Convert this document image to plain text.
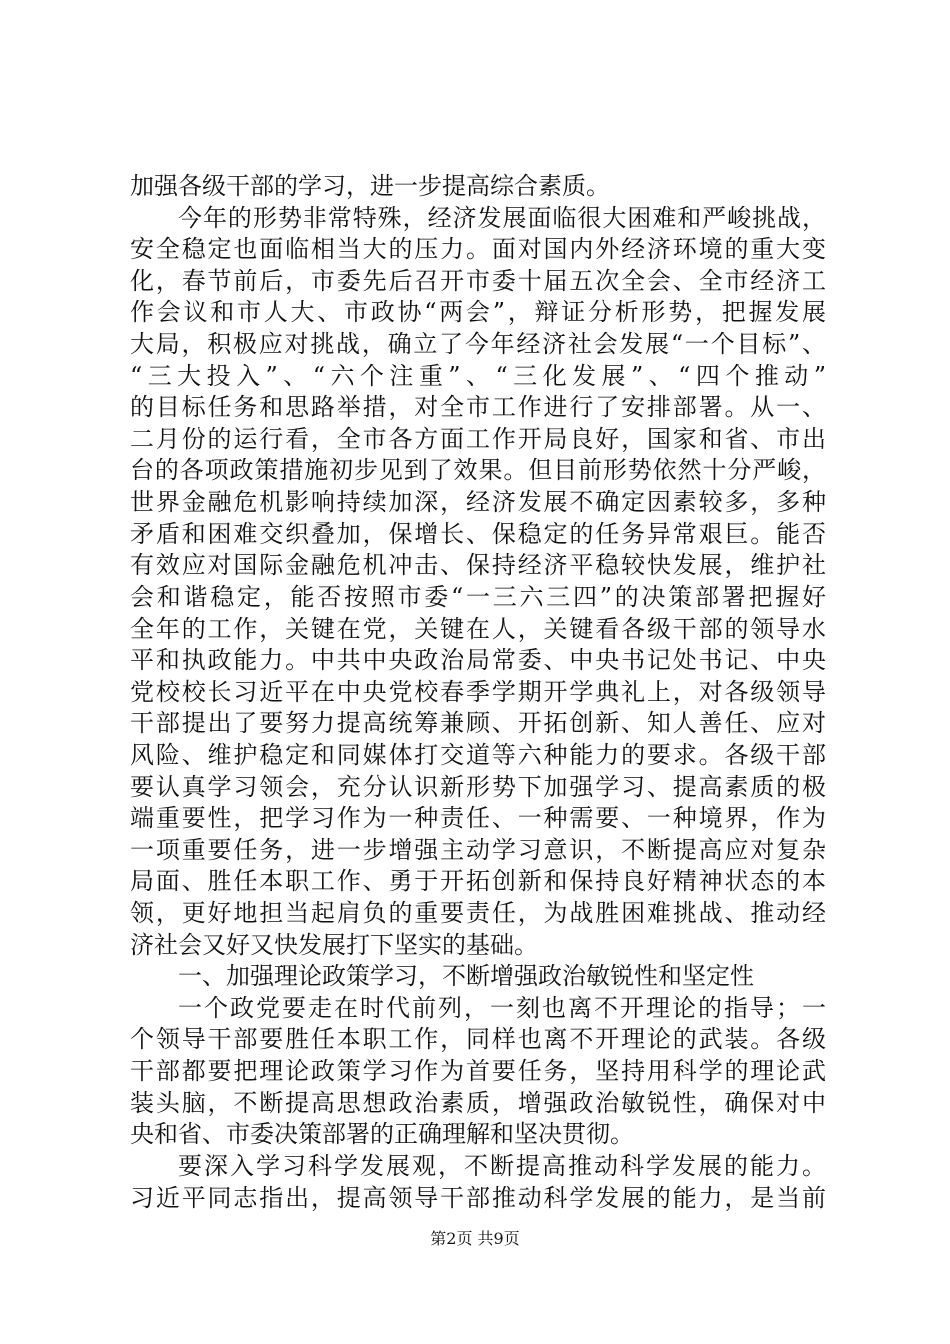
加强各级干部的学习，进一步提高综合素质。
今年的形势非常特殊，经济发展面临很大困难和严峻挑战，
安全稳定也面临相当大的压力。面对国内外经济环境的重大变
化，春节前后，市委先后召开市委十届五次全会、全市经济工
作会议和市人大、市政协“两会”，辩证分析形势，把握发展
大局，积极应对挑战，确立了今年经济社会发展“一个目标”、
“三大投入”、“六个注重”、“三化发展”、“四个推动”
的目标任务和思路举措，对全市工作进行了安排部署。从一、
二月份的运行看，全市各方面工作开局良好，国家和省、市出
台的各项政策措施初步见到了效果。但目前形势依然十分严峻，
世界金融危机影响持续加深，经济发展不确定因素较多，多种
矛盾和困难交织叠加，保增长、保稳定的任务异常艰巨。能否
有效应对国际金融危机冲击、保持经济平稳较快发展，维护社
会和谐稳定，能否按照市委“一三六三四”的决策部署把握好
全年的工作，关键在党，关键在人，关键看各级干部的领导水
平和执政能力。中共中央政治局常委、中央书记处书记、中央
党校校长习近平在中央党校春季学期开学典礼上，对各级领导
干部提出了要努力提高统筹兼顾、开拓创新、知人善任、应对
风险、维护稳定和同媒体打交道等六种能力的要求。各级干部
要认真学习领会，充分认识新形势下加强学习、提高素质的极
端重要性，把学习作为一种责任、一种需要、一种境界，作为
一项重要任务，进一步增强主动学习意识，不断提高应对复杂
局面、胜任本职工作、勇于开拓创新和保持良好精神状态的本
领，更好地担当起肩负的重要责任，为战胜困难挑战、推动经
济社会又好又快发展打下坚实的基础。
一、加强理论政策学习，不断增强政治敏锐性和坚定性
一个政党要走在时代前列，一刻也离不开理论的指导；一
个领导干部要胜任本职工作，同样也离不开理论的武装。各级
干部都要把理论政策学习作为首要任务，坚持用科学的理论武
装头脑，不断提高思想政治素质，增强政治敏锐性，确保对中
央和省、市委决策部署的正确理解和坚决贯彻。
要深入学习科学发展观，不断提高推动科学发展的能力。
习近平同志指出，提高领导干部推动科学发展的能力，是当前
第2页 共9页
